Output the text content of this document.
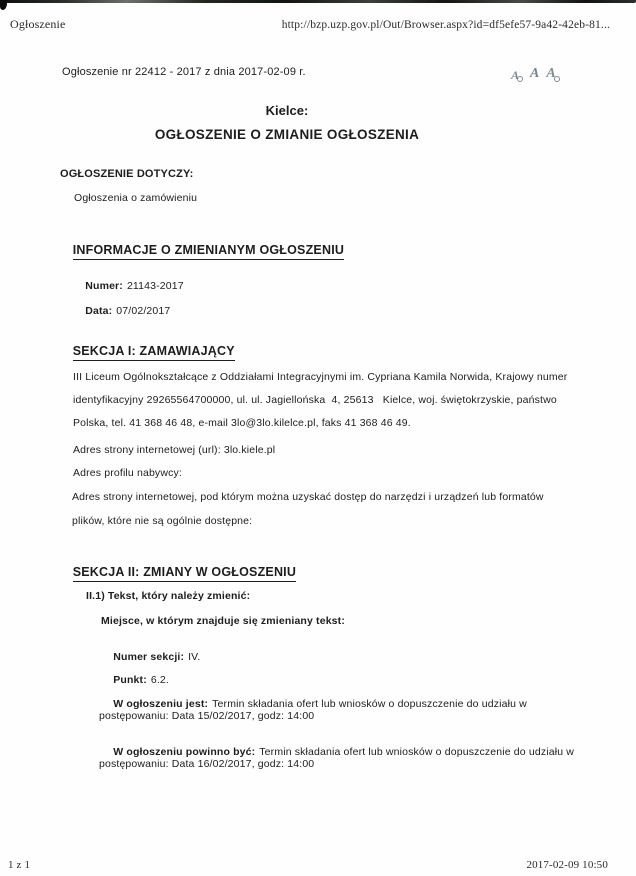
Ogłoszenie	http://bzp.uzp.gov.pl/Out/Browser.aspx?id=df5efe57-9a42-42eb-81...
Ogłoszenie nr 22412 - 2017 z dnia 2017-02-09 r.	A A A
Kielce:
OGŁOSZENIE O ZMIANIE OGŁOSZENIA
OGŁOSZENIE DOTYCZY:
Ogłoszenia o zamówieniu

INFORMACJE O ZMIENIANYM OGŁOSZENIU

Numer: 21143-2017

Data: 07/02/2017

SEKCJA I: ZAMAWIAJĄCY

III Liceum Ogólnokształcące z Oddziałami Integracyjnymi im. Cypriana Kamila Norwida, Krajowy numer
identyfikacyjny 29265564700000, ul. ul. Jagiellońska  4, 25613   Kielce, woj. świętokrzyskie, państwo
Polska, tel. 41 368 46 48, e-mail 3lo@3lo.kilelce.pl, faks 41 368 46 49.
Adres strony internetowej (url): 3lo.kiele.pl
Adres profilu nabywcy:
Adres strony internetowej, pod którym można uzyskać dostęp do narzędzi i urządzeń lub formatów
plików, które nie są ogólnie dostępne:

SEKCJA II: ZMIANY W OGŁOSZENIU

II.1) Tekst, który należy zmienić:
Miejsce, w którym znajduje się zmieniany tekst:

Numer sekcji: IV.

Punkt: 6.2.

W ogłoszeniu jest: Termin składania ofert lub wniosków o dopuszczenie do udziału w

postępowaniu: Data 15/02/2017, godz: 14:00

W ogłoszeniu powinno być: Termin składania ofert lub wniosków o dopuszczenie do udziału w

postępowaniu: Data 16/02/2017, godz: 14:00
1 z 1	2017-02-09 10:50
